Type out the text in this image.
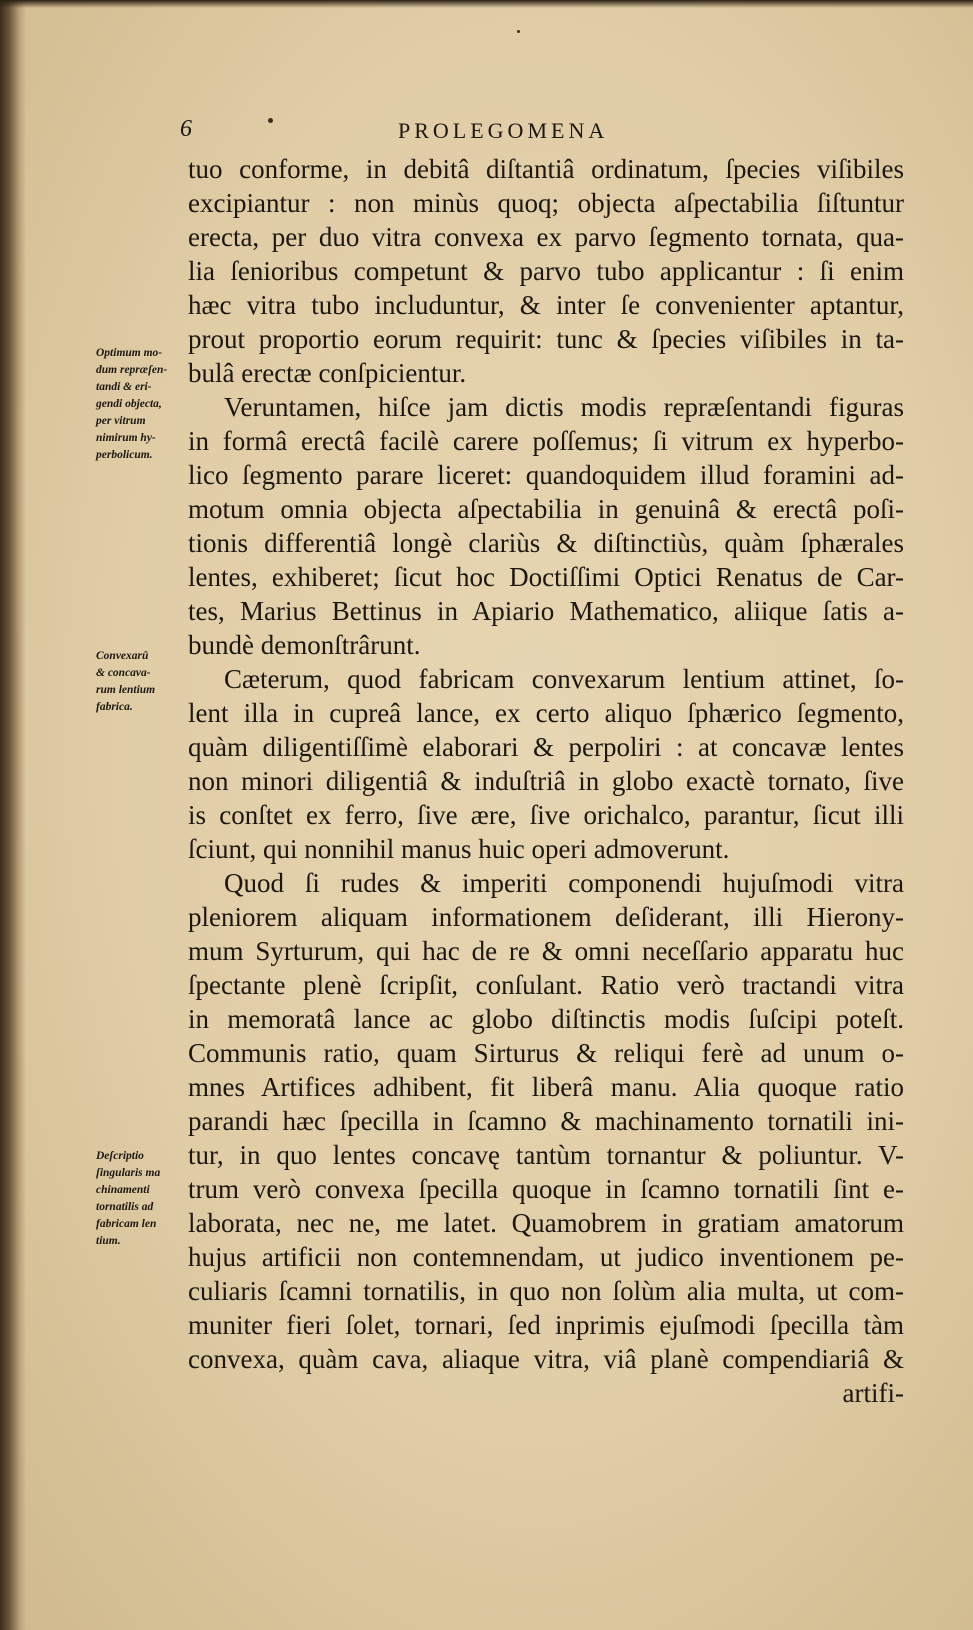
6	PROLEGOMENA
Optimum mo-
dum repræſen-
tandi & eri-
gendi objecta,
per vitrum
nimirum hy-
perbolicum.
Convexarū
& concava-
rum lentium
fabrica.
Deſcriptio
ſingularis ma
chinamenti
tornatilis ad
fabricam len
tium.
tuo conforme, in debitâ diſtantiâ ordinatum, ſpecies viſibiles
excipiantur : non minùs quoq; objecta aſpectabilia ſiſtuntur
erecta, per duo vitra convexa ex parvo ſegmento tornata, qua-
lia ſenioribus competunt & parvo tubo applicantur : ſi enim
hæc vitra tubo includuntur, & inter ſe convenienter aptantur,
prout proportio eorum requirit: tunc & ſpecies viſibiles in ta-
bulâ erectæ conſpicientur.
Veruntamen, hiſce jam dictis modis repræſentandi figuras
in formâ erectâ facilè carere poſſemus; ſi vitrum ex hyperbo-
lico ſegmento parare liceret: quandoquidem illud foramini ad-
motum omnia objecta aſpectabilia in genuinâ & erectâ poſi-
tionis differentiâ longè clariùs & diſtinctiùs, quàm ſphærales
lentes, exhiberet; ſicut hoc Doctiſſimi Optici Renatus de Car-
tes, Marius Bettinus in Apiario Mathematico, aliique ſatis a-
bundè demonſtrârunt.
Cæterum, quod fabricam convexarum lentium attinet, ſo-
lent illa in cupreâ lance, ex certo aliquo ſphærico ſegmento,
quàm diligentiſſimè elaborari & perpoliri : at concavæ lentes
non minori diligentiâ & induſtriâ in globo exactè tornato, ſive
is conſtet ex ferro, ſive ære, ſive orichalco, parantur, ſicut illi
ſciunt, qui nonnihil manus huic operi admoverunt.
Quod ſi rudes & imperiti componendi hujuſmodi vitra
pleniorem aliquam informationem deſiderant, illi Hierony-
mum Syrturum, qui hac de re & omni neceſſario apparatu huc
ſpectante plenè ſcripſit, conſulant. Ratio verò tractandi vitra
in memoratâ lance ac globo diſtinctis modis ſuſcipi poteſt.
Communis ratio, quam Sirturus & reliqui ferè ad unum o-
mnes Artifices adhibent, fit liberâ manu. Alia quoque ratio
parandi hæc ſpecilla in ſcamno & machinamento tornatili ini-
tur, in quo lentes concavę tantùm tornantur & poliuntur. V-
trum verò convexa ſpecilla quoque in ſcamno tornatili ſint e-
laborata, nec ne, me latet. Quamobrem in gratiam amatorum
hujus artificii non contemnendam, ut judico inventionem pe-
culiaris ſcamni tornatilis, in quo non ſolùm alia multa, ut com-
muniter fieri ſolet, tornari, ſed inprimis ejuſmodi ſpecilla tàm
convexa, quàm cava, aliaque vitra, viâ planè compendiariâ &
artifi-
